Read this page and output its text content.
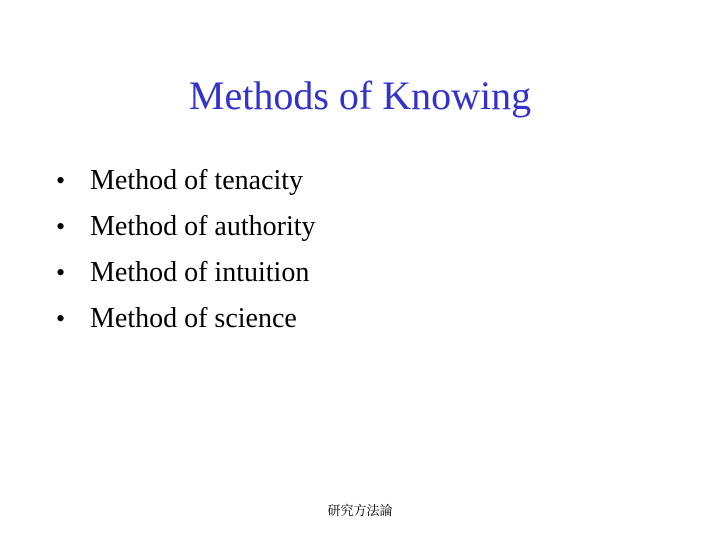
Methods of Knowing
• Method of tenacity
• Method of authority
• Method of intuition
• Method of science
研究方法論
